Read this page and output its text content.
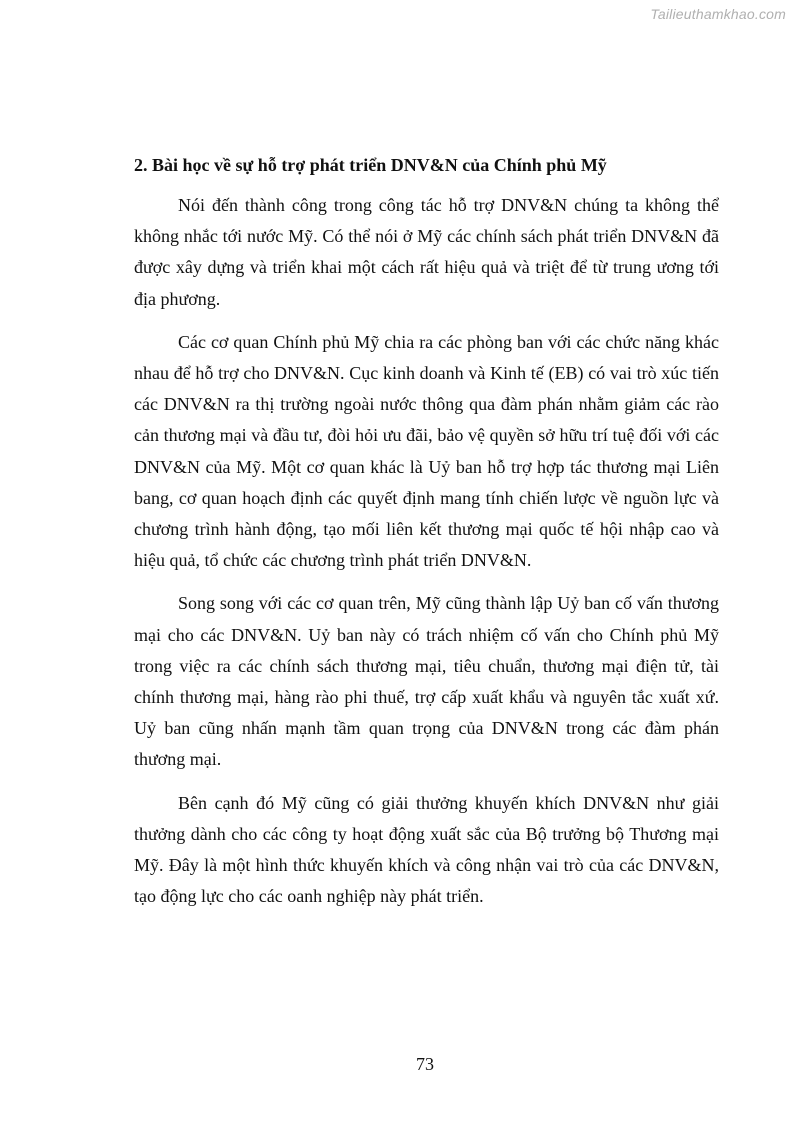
Tailieuthamkhao.com

2. Bài học về sự hỗ trợ phát triển DNV&N của Chính phủ Mỹ

Nói đến thành công trong công tác hỗ trợ DNV&N chúng ta không thể không nhắc tới nước Mỹ. Có thể nói ở Mỹ các chính sách phát triển DNV&N đã được xây dựng và triển khai một cách rất hiệu quả và triệt để từ trung ương tới địa phương.

Các cơ quan Chính phủ Mỹ chia ra các phòng ban với các chức năng khác nhau để hỗ trợ cho DNV&N. Cục kinh doanh và Kinh tế (EB) có vai trò xúc tiến các DNV&N ra thị trường ngoài nước thông qua đàm phán nhằm giảm các rào cản thương mại và đầu tư, đòi hỏi ưu đãi, bảo vệ quyền sở hữu trí tuệ đối với các DNV&N của Mỹ. Một cơ quan khác là Uỷ ban hỗ trợ hợp tác thương mại Liên bang, cơ quan hoạch định các quyết định mang tính chiến lược về nguồn lực và chương trình hành động, tạo mối liên kết thương mại quốc tế hội nhập cao và hiệu quả, tổ chức các chương trình phát triển DNV&N.

Song song với các cơ quan trên, Mỹ cũng thành lập Uỷ ban cố vấn thương mại cho các DNV&N. Uỷ ban này có trách nhiệm cố vấn cho Chính phủ Mỹ trong việc ra các chính sách thương mại, tiêu chuẩn, thương mại điện tử, tài chính thương mại, hàng rào phi thuế, trợ cấp xuất khẩu và nguyên tắc xuất xứ. Uỷ ban cũng nhấn mạnh tầm quan trọng của DNV&N trong các đàm phán thương mại.

Bên cạnh đó Mỹ cũng có giải thưởng khuyến khích DNV&N như giải thưởng dành cho các công ty hoạt động xuất sắc của Bộ trưởng bộ Thương mại Mỹ. Đây là một hình thức khuyến khích và công nhận vai trò của các DNV&N, tạo động lực cho các oanh nghiệp này phát triển.

73
